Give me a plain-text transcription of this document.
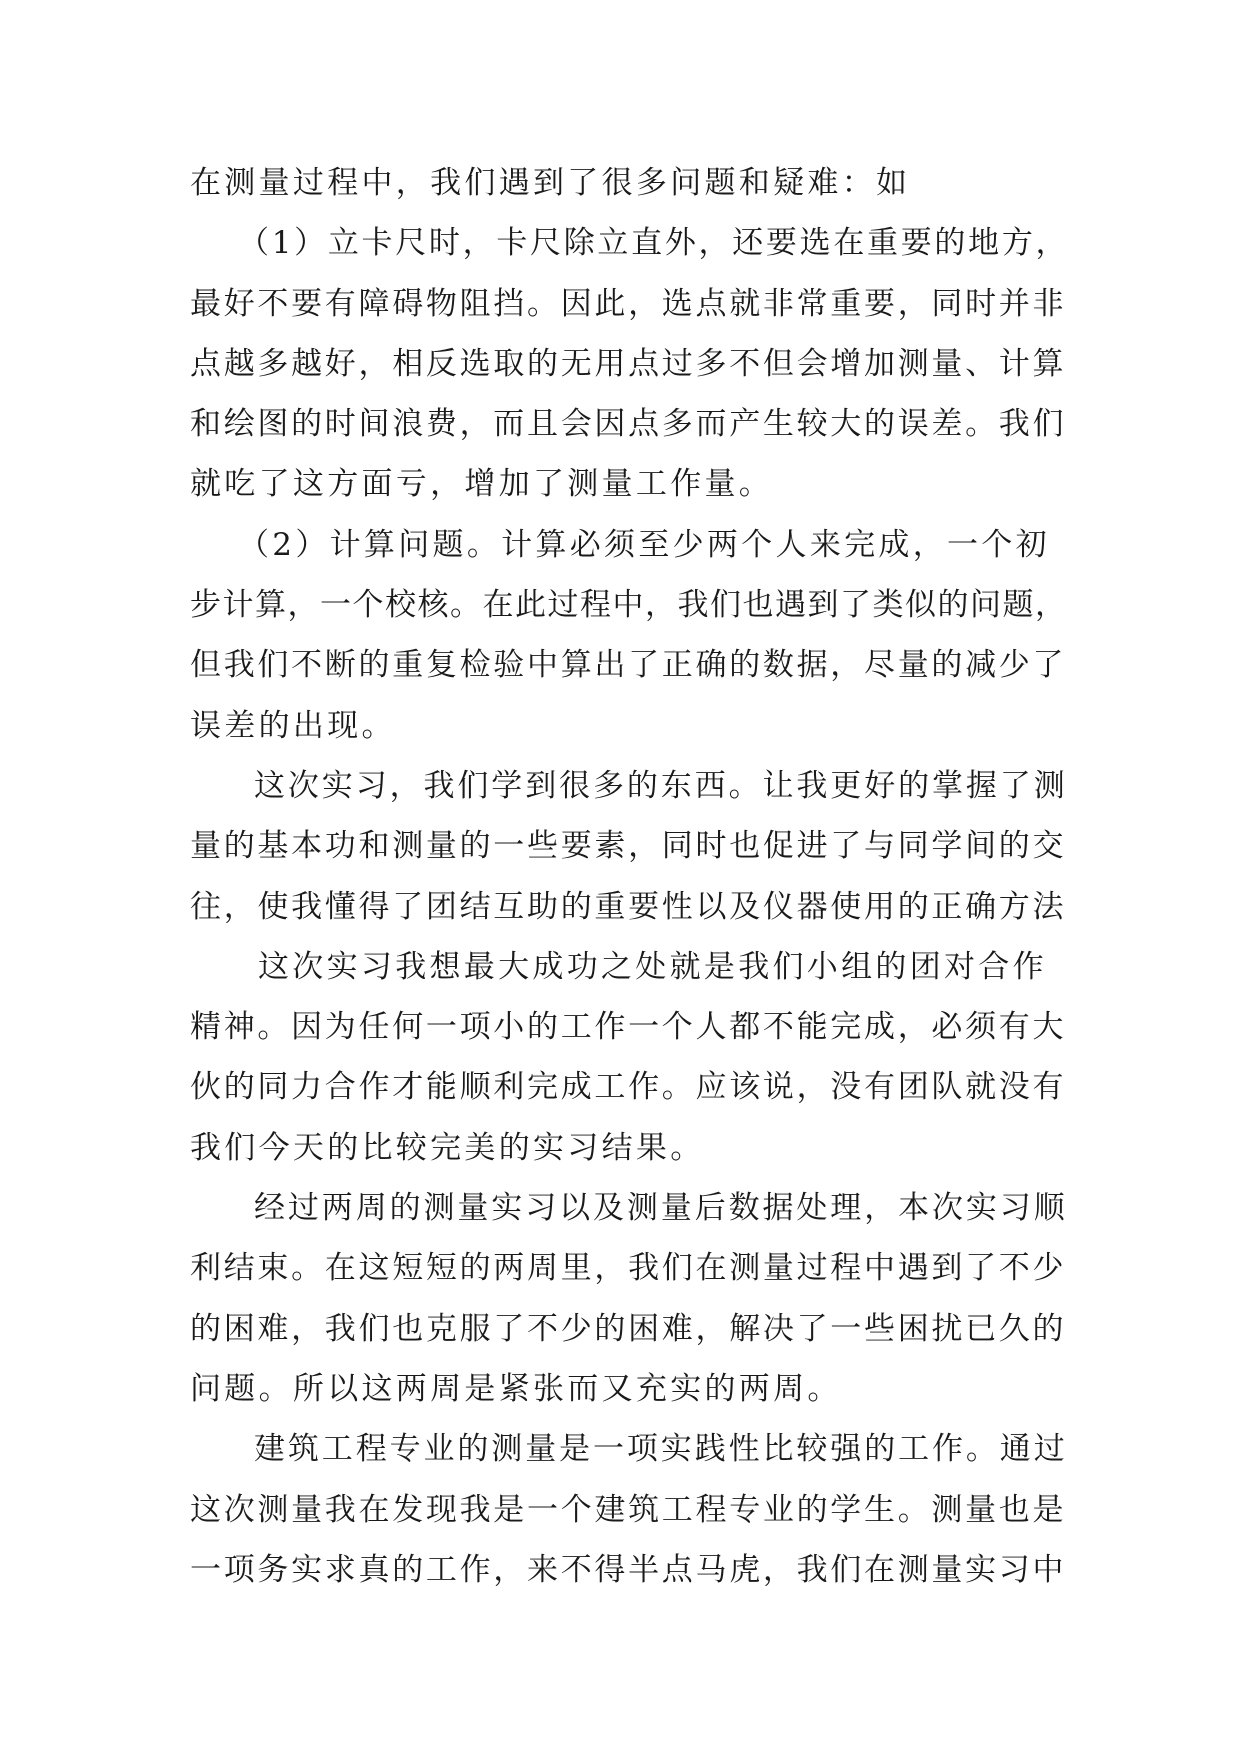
在测量过程中，我们遇到了很多问题和疑难：如
（1）立卡尺时，卡尺除立直外，还要选在重要的地方，
最好不要有障碍物阻挡。因此，选点就非常重要，同时并非
点越多越好，相反选取的无用点过多不但会增加测量、计算
和绘图的时间浪费，而且会因点多而产生较大的误差。我们
就吃了这方面亏，增加了测量工作量。
（2）计算问题。计算必须至少两个人来完成，一个初
步计算，一个校核。在此过程中，我们也遇到了类似的问题，
但我们不断的重复检验中算出了正确的数据，尽量的减少了
误差的出现。
这次实习，我们学到很多的东西。让我更好的掌握了测
量的基本功和测量的一些要素，同时也促进了与同学间的交
往，使我懂得了团结互助的重要性以及仪器使用的正确方法
这次实习我想最大成功之处就是我们小组的团对合作
精神。因为任何一项小的工作一个人都不能完成，必须有大
伙的同力合作才能顺利完成工作。应该说，没有团队就没有
我们今天的比较完美的实习结果。
经过两周的测量实习以及测量后数据处理，本次实习顺
利结束。在这短短的两周里，我们在测量过程中遇到了不少
的困难，我们也克服了不少的困难，解决了一些困扰已久的
问题。所以这两周是紧张而又充实的两周。
建筑工程专业的测量是一项实践性比较强的工作。通过
这次测量我在发现我是一个建筑工程专业的学生。测量也是
一项务实求真的工作，来不得半点马虎，我们在测量实习中
